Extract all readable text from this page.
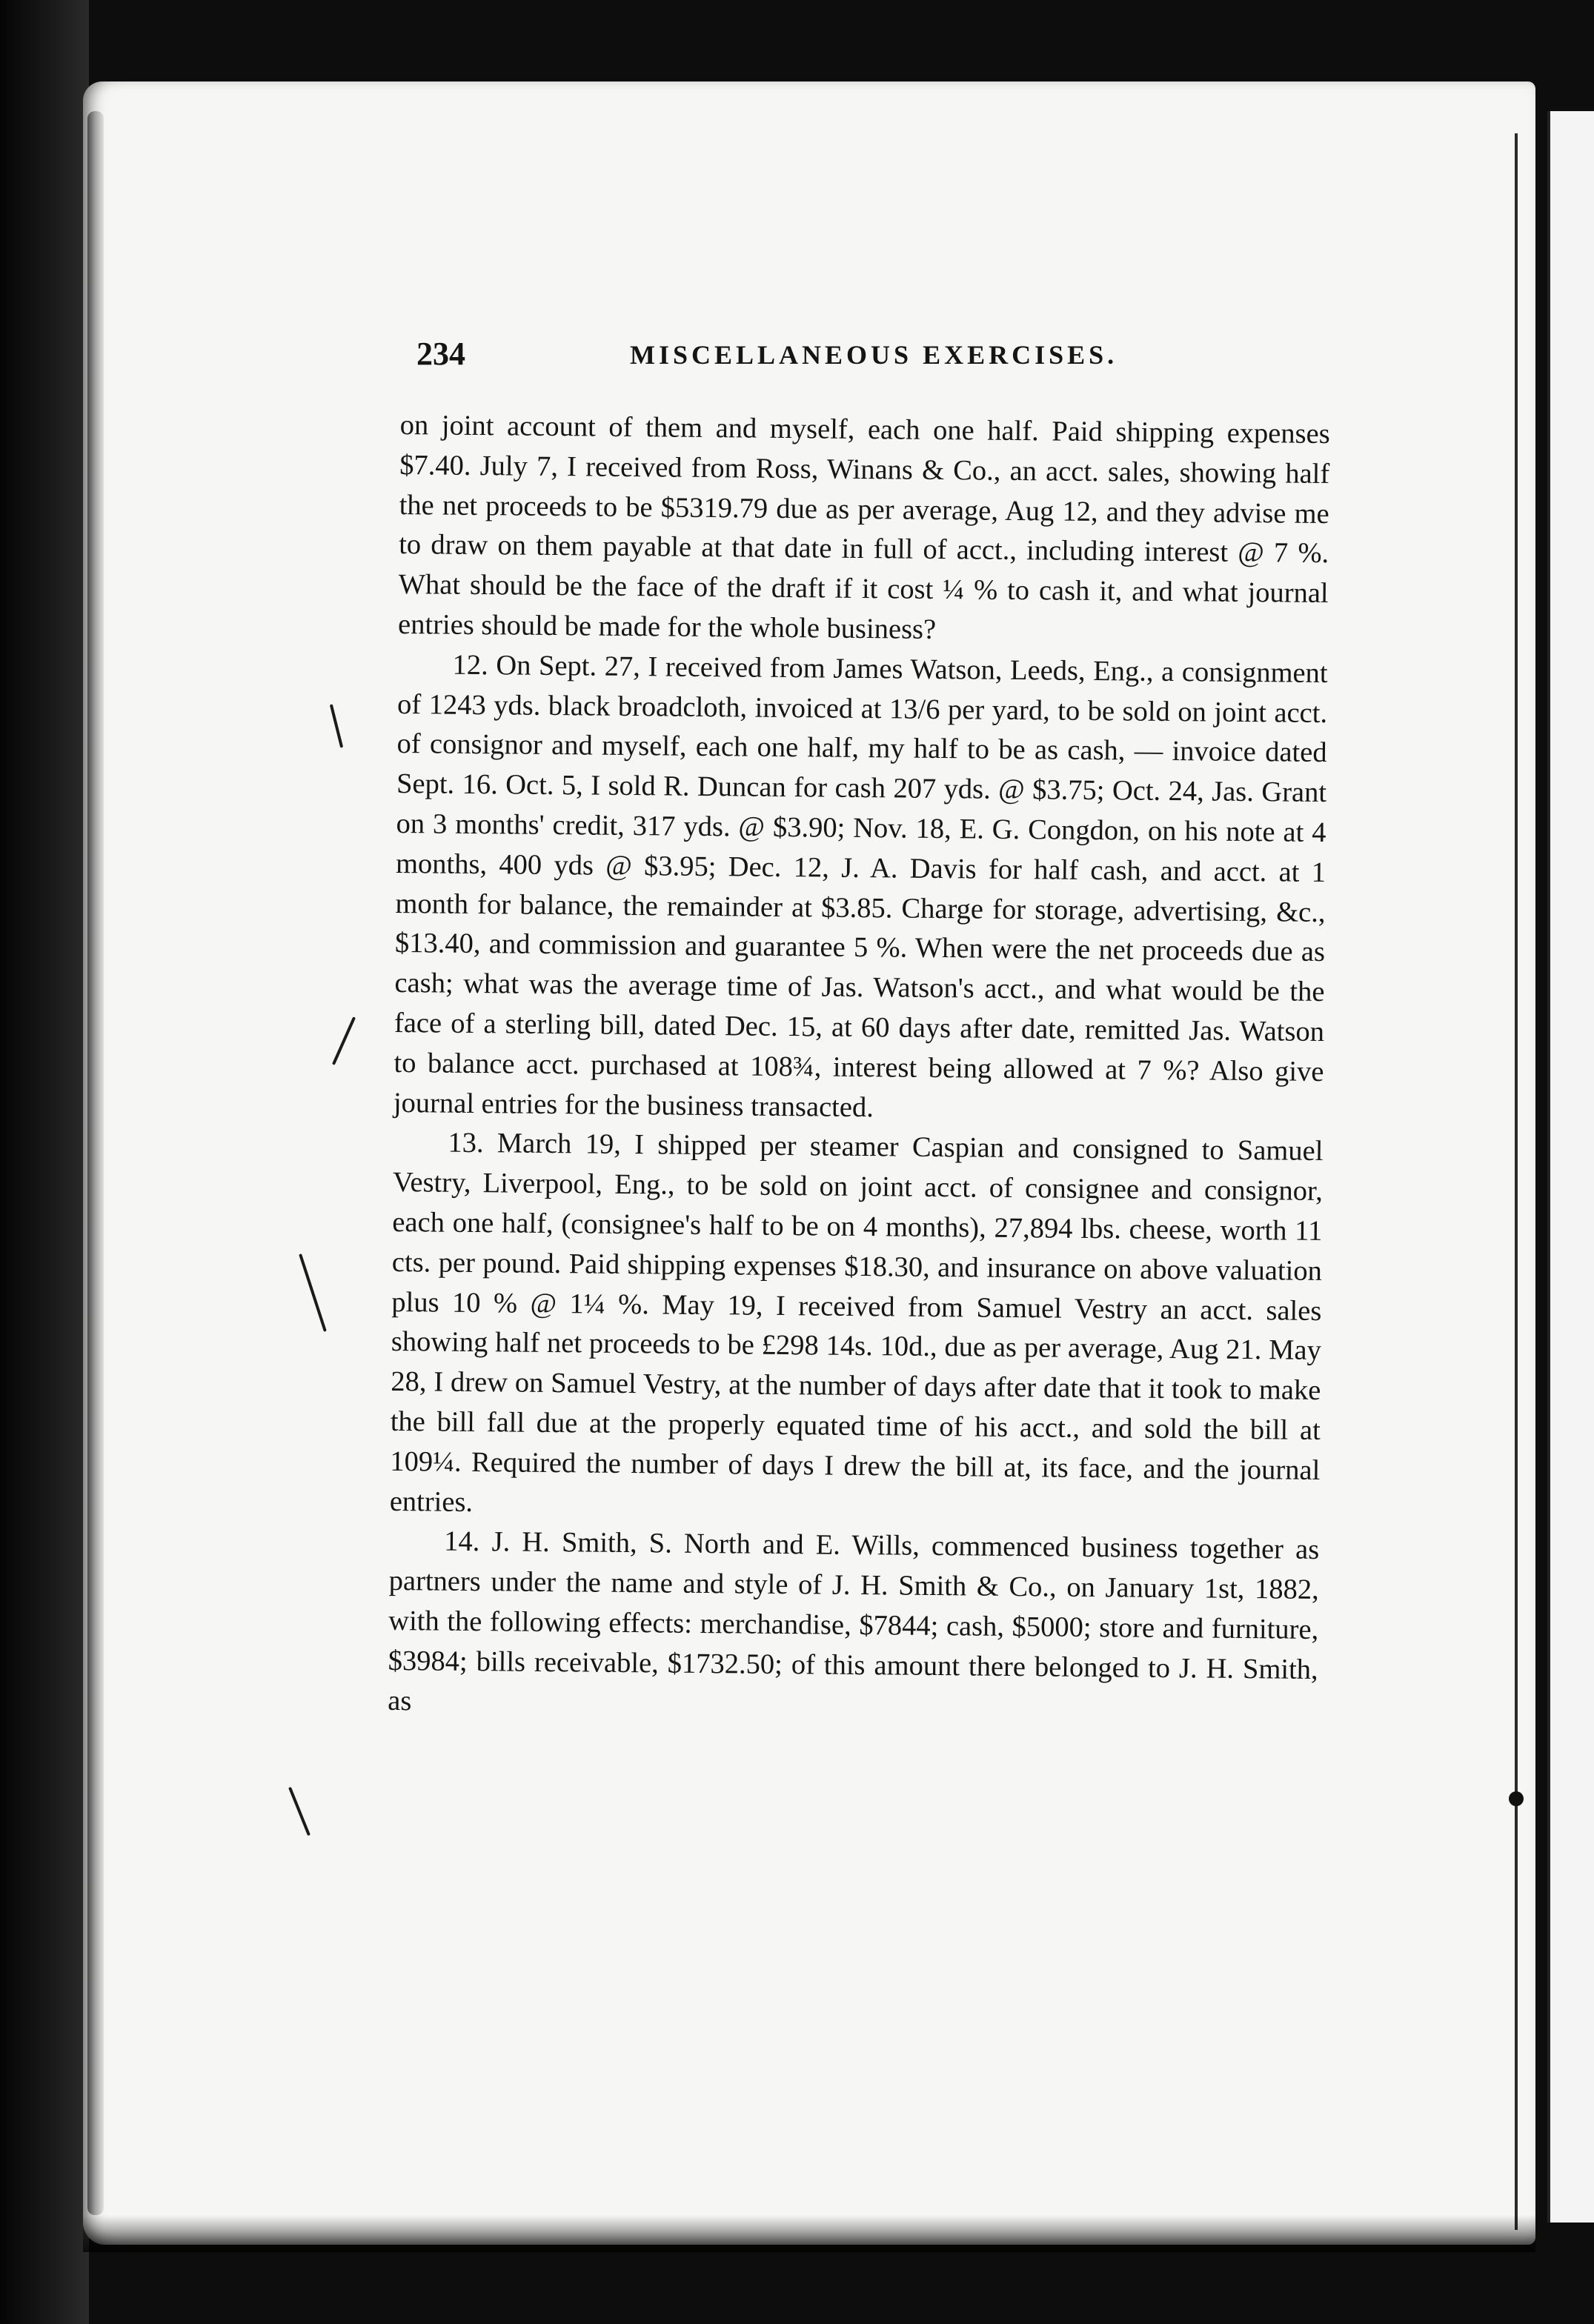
234	MISCELLANEOUS EXERCISES.

on joint account of them and myself, each one half. Paid shipping expenses $7.40. July 7, I received from Ross, Winans & Co., an acct. sales, showing half the net proceeds to be $5319.79 due as per average, Aug 12, and they advise me to draw on them payable at that date in full of acct., including interest @ 7 %. What should be the face of the draft if it cost ¼ % to cash it, and what journal entries should be made for the whole business?

12. On Sept. 27, I received from James Watson, Leeds, Eng., a consignment of 1243 yds. black broadcloth, invoiced at 13/6 per yard, to be sold on joint acct. of consignor and myself, each one half, my half to be as cash, — invoice dated Sept. 16. Oct. 5, I sold R. Duncan for cash 207 yds. @ $3.75; Oct. 24, Jas. Grant on 3 months' credit, 317 yds. @ $3.90; Nov. 18, E. G. Congdon, on his note at 4 months, 400 yds @ $3.95; Dec. 12, J. A. Davis for half cash, and acct. at 1 month for balance, the remainder at $3.85. Charge for storage, advertising, &c., $13.40, and commission and guarantee 5 %. When were the net proceeds due as cash; what was the average time of Jas. Watson's acct., and what would be the face of a sterling bill, dated Dec. 15, at 60 days after date, remitted Jas. Watson to balance acct. purchased at 108¾, interest being allowed at 7 %? Also give journal entries for the business transacted.

13. March 19, I shipped per steamer Caspian and consigned to Samuel Vestry, Liverpool, Eng., to be sold on joint acct. of consignee and consignor, each one half, (consignee's half to be on 4 months), 27,894 lbs. cheese, worth 11 cts. per pound. Paid shipping expenses $18.30, and insurance on above valuation plus 10 % @ 1¼ %. May 19, I received from Samuel Vestry an acct. sales showing half net proceeds to be £298 14s. 10d., due as per average, Aug 21. May 28, I drew on Samuel Vestry, at the number of days after date that it took to make the bill fall due at the properly equated time of his acct., and sold the bill at 109¼. Required the number of days I drew the bill at, its face, and the journal entries.

14. J. H. Smith, S. North and E. Wills, commenced business together as partners under the name and style of J. H. Smith & Co., on January 1st, 1882, with the following effects: merchandise, $7844; cash, $5000; store and furniture, $3984; bills receivable, $1732.50; of this amount there belonged to J. H. Smith, as
